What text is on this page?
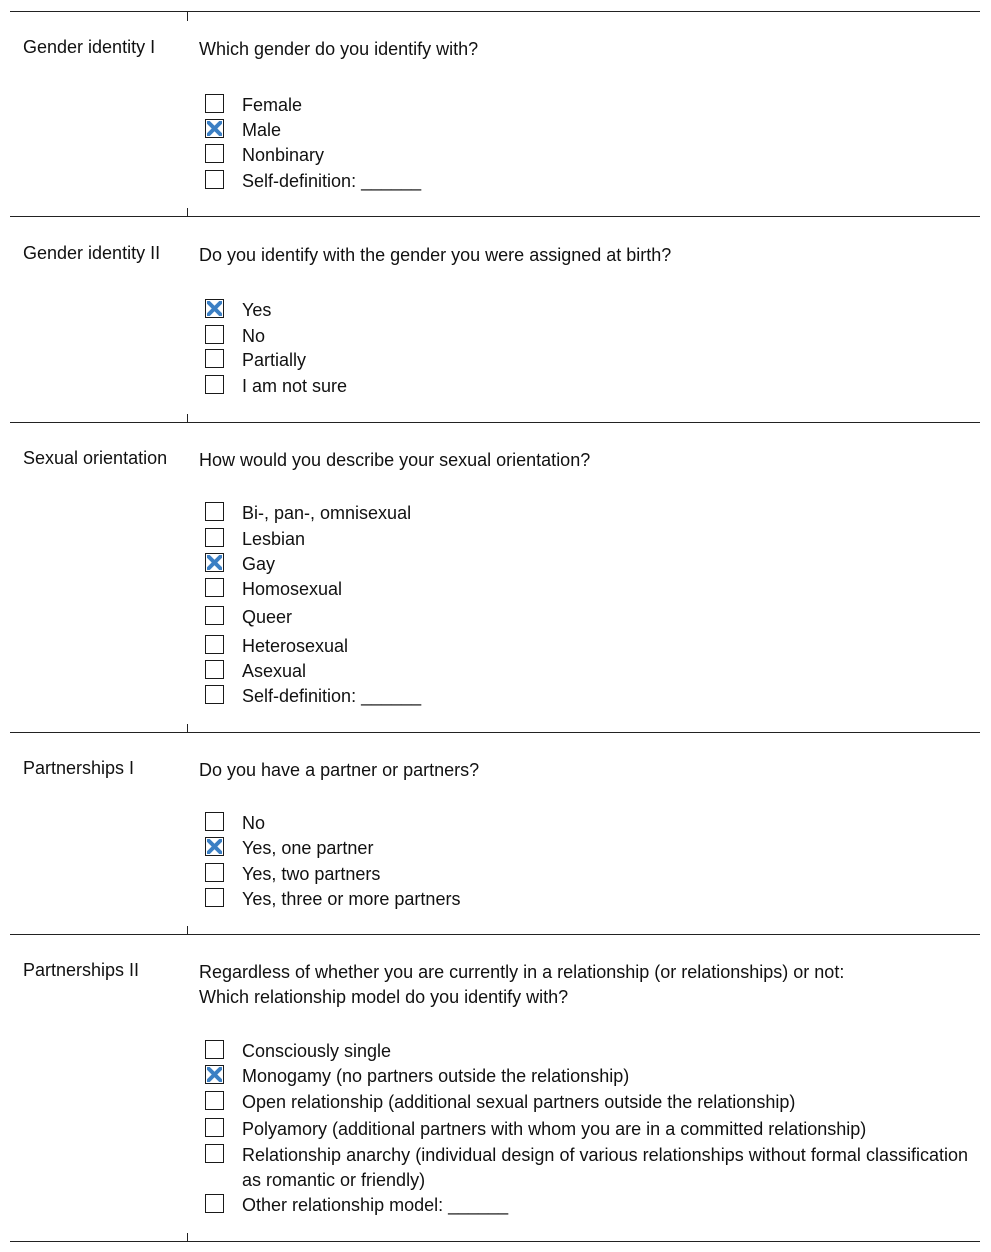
Gender identity I Which gender do you identify with?
Female
Male
Nonbinary
Self-definition: ______
Gender identity II Do you identify with the gender you were assigned at birth?
Yes
No
Partially
I am not sure
Sexual orientation How would you describe your sexual orientation?
Bi-, pan-, omnisexual
Lesbian
Gay
Homosexual
Queer
Heterosexual
Asexual
Self-definition: ______
Partnerships I	Do you have a partner or partners?
No
Yes, one partner
Yes, two partners
Yes, three or more partners
Partnerships II	Regardless of whether you are currently in a relationship (or relationships) or not:
Which relationship model do you identify with?
Consciously single
Monogamy (no partners outside the relationship)
Open relationship (additional sexual partners outside the relationship)
Polyamory (additional partners with whom you are in a committed relationship)
Relationship anarchy (individual design of various relationships without formal classification as romantic or friendly)
Other relationship model: ______
